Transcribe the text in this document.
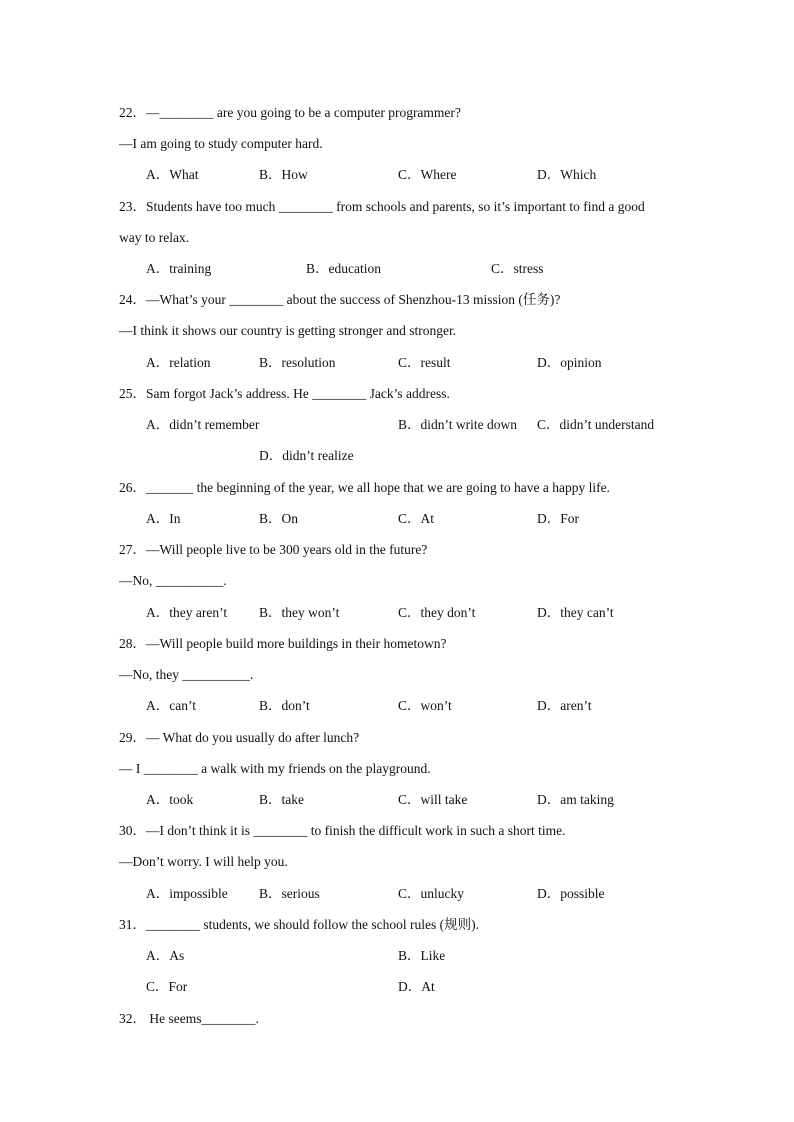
22．—________ are you going to be a computer programmer?
—I am going to study computer hard.
A．What	B．How	C．Where	D．Which
23．Students have too much ________ from schools and parents, so it’s important to find a good
way to relax.
A．training	B．education	C．stress
24．—What’s your ________ about the success of Shenzhou-13 mission (任务)?
—I think it shows our country is getting stronger and stronger.
A．relation	B．resolution	C．result	D．opinion
25．Sam forgot Jack’s address. He ________ Jack’s address.
A．didn’t remember	B．didn’t write down C．didn’t understand
D．didn’t realize
26．_______ the beginning of the year, we all hope that we are going to have a happy life.
A．In	B．On	C．At	D．For
27．—Will people live to be 300 years old in the future?
—No, __________.
A．they aren’t B．they won’t	C．they don’t	D．they can’t
28．—Will people build more buildings in their hometown?
—No, they __________.
A．can’t	B．don’t	C．won’t	D．aren’t
29．— What do you usually do after lunch?
— I ________ a walk with my friends on the playground.
A．took	B．take	C．will take	D．am taking
30．—I don’t think it is ________ to finish the difficult work in such a short time.
—Don’t worry. I will help you.
A．impossible B．serious	C．unlucky	D．possible
31．________ students, we should follow the school rules (规则).
A．As	B．Like
C．For	D．At
32． He seems________.
